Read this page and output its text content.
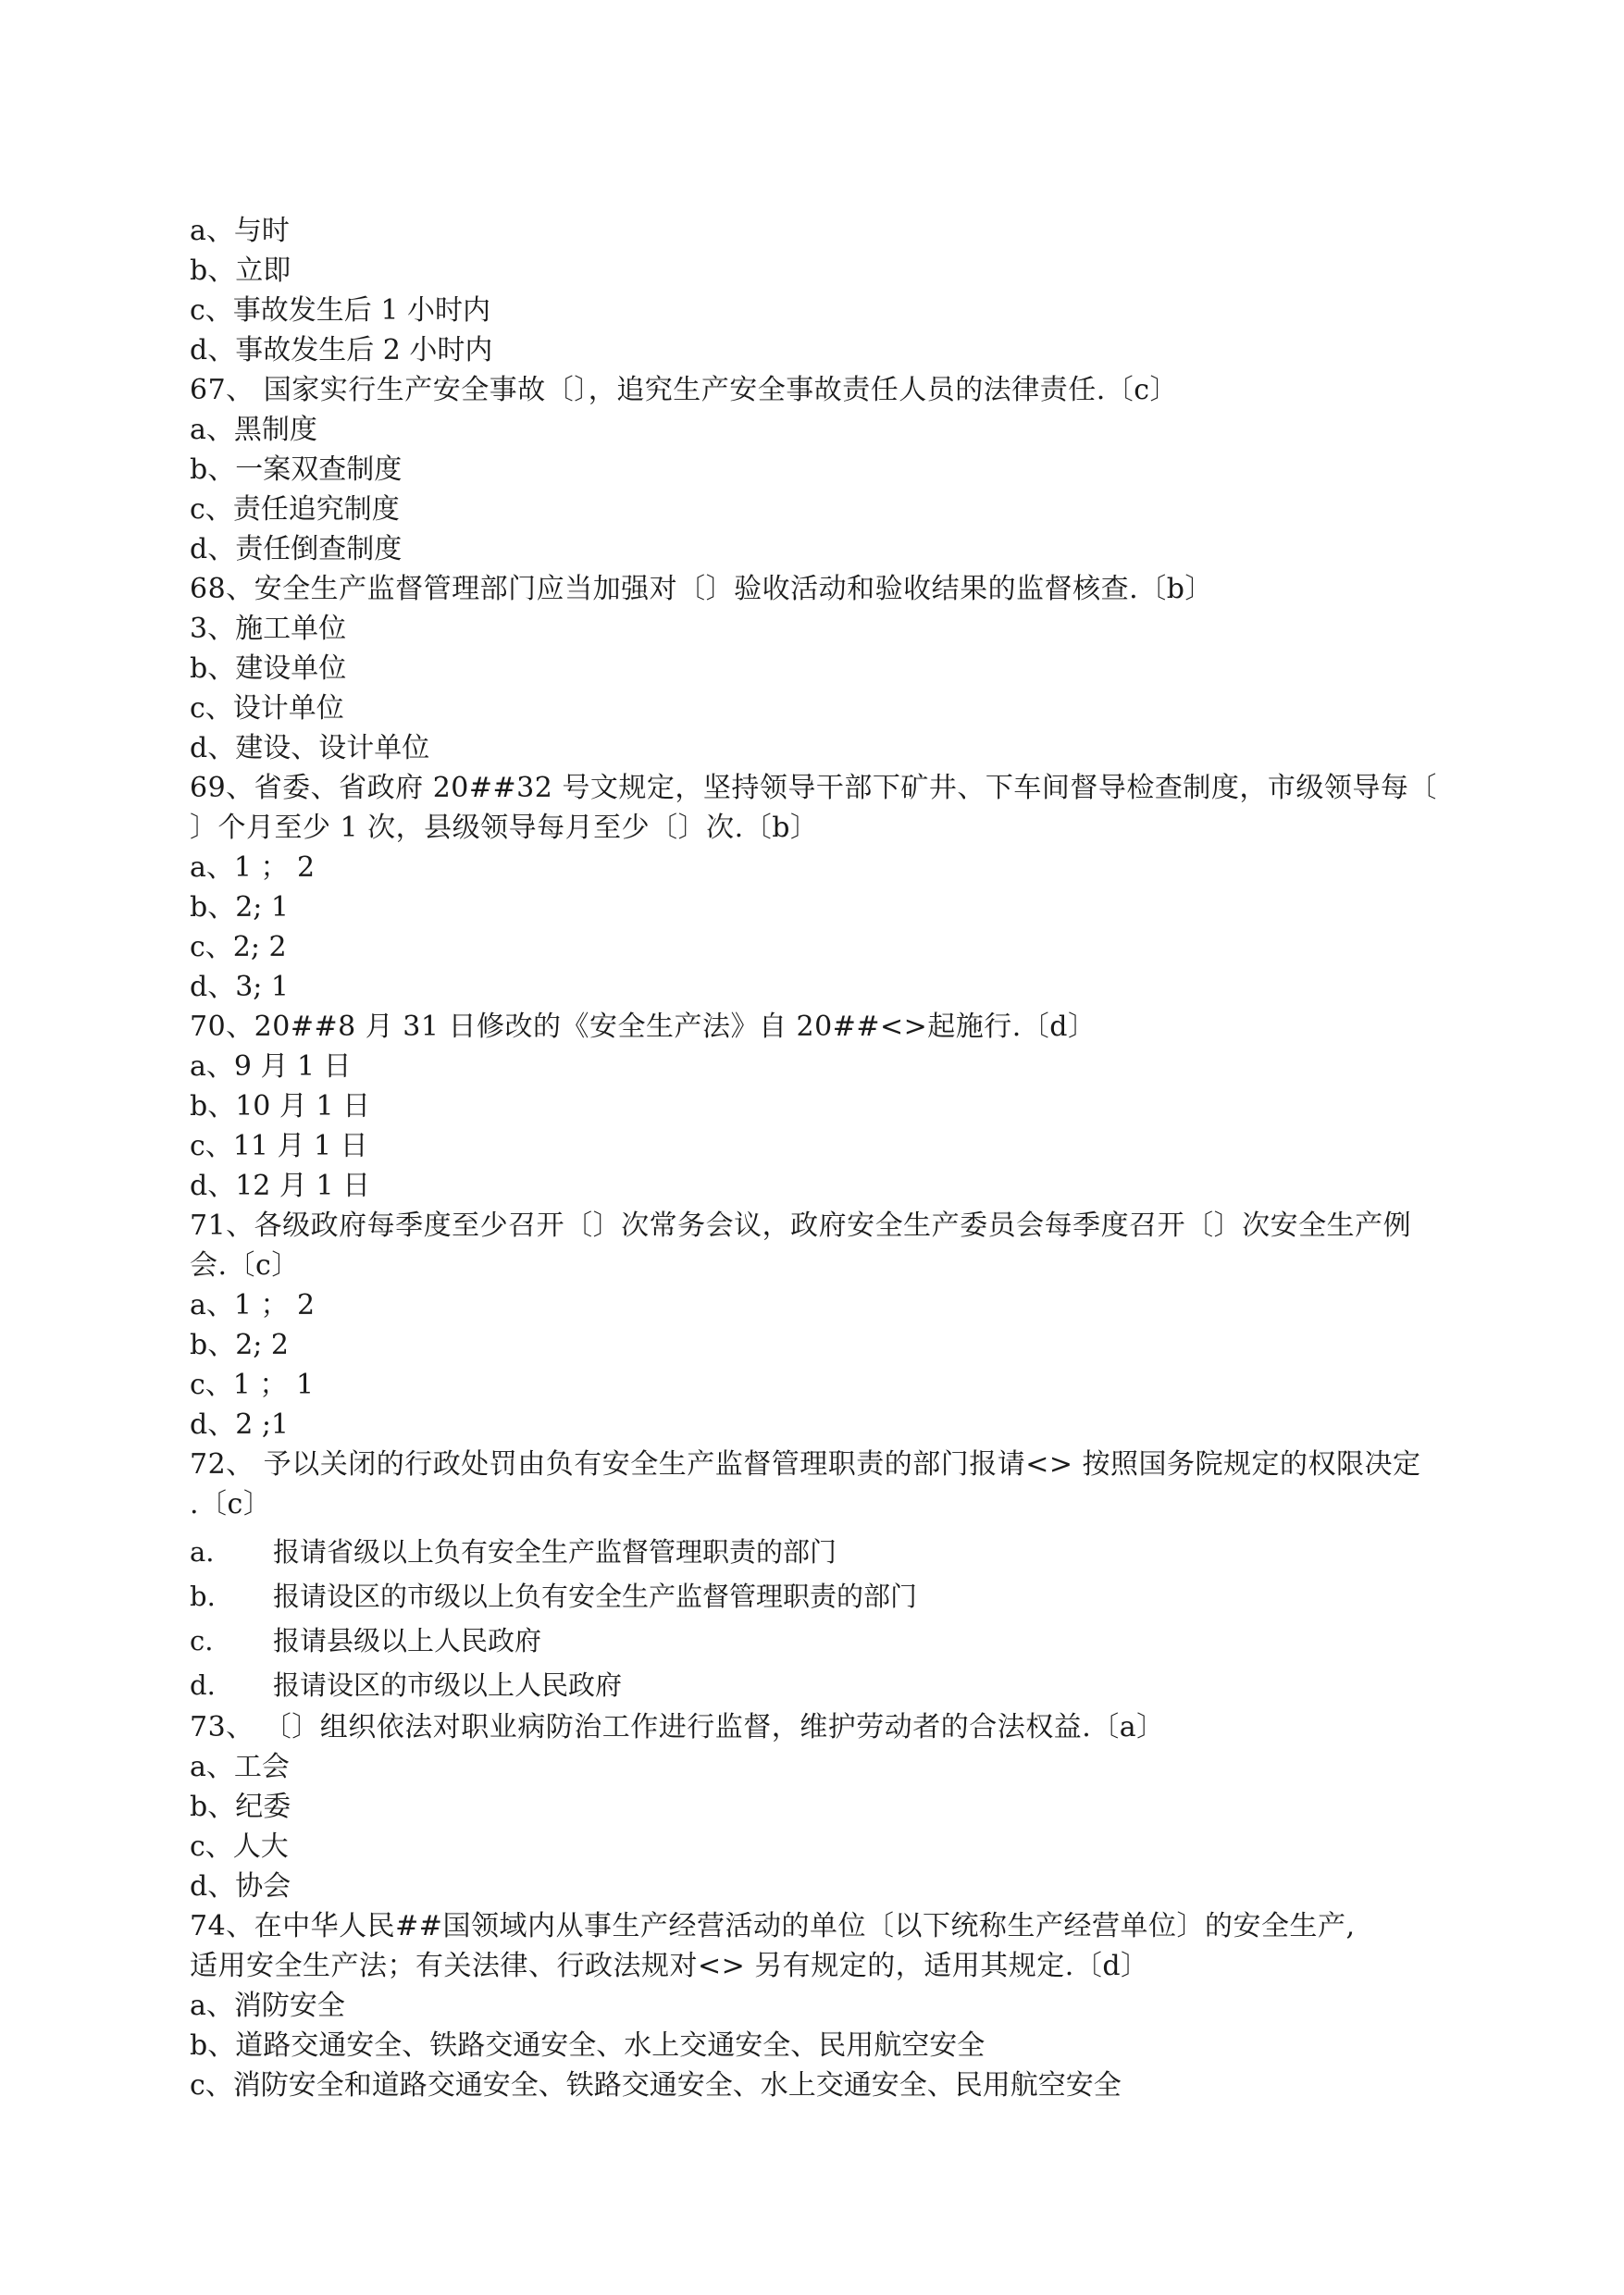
a、与时
b、立即
c、事故发生后 1 小时内
d、事故发生后 2 小时内
67、 国家实行生产安全事故〔〕，追究生产安全事故责任人员的法律责任.〔c〕
a、黑制度
b、一案双查制度
c、责任追究制度
d、责任倒查制度
68、安全生产监督管理部门应当加强对〔〕验收活动和验收结果的监督核查.〔b〕
3、施工单位
b、建设单位
c、设计单位
d、建设、设计单位
69、省委、省政府 20##32 号文规定，坚持领导干部下矿井、下车间督导检查制度，市级领导每〔
〕个月至少 1 次，县级领导每月至少〔〕次.〔b〕
a、1 ； 2
b、2; 1
c、2; 2
d、3; 1
70、20##8 月 31 日修改的《安全生产法》自 20##<>起施行.〔d〕
a、9 月 1 日
b、10 月 1 日
c、11 月 1 日
d、12 月 1 日
71、各级政府每季度至少召开〔〕次常务会议，政府安全生产委员会每季度召开〔〕次安全生产例
会.〔c〕
a、1 ； 2
b、2; 2
c、1 ； 1
d、2 ;1
72、 予以关闭的行政处罚由负有安全生产监督管理职责的部门报请<> 按照国务院规定的权限决定
.〔c〕
a.	报请省级以上负有安全生产监督管理职责的部门
b.	报请设区的市级以上负有安全生产监督管理职责的部门
c.	报请县级以上人民政府
d.	报请设区的市级以上人民政府
73、 〔〕组织依法对职业病防治工作进行监督，维护劳动者的合法权益.〔a〕
a、工会
b、纪委
c、人大
d、协会
74、在中华人民##国领域内从事生产经营活动的单位〔以下统称生产经营单位〕的安全生产,
适用安全生产法；有关法律、行政法规对<> 另有规定的，适用其规定.〔d〕
a、消防安全
b、道路交通安全、铁路交通安全、水上交通安全、民用航空安全
c、消防安全和道路交通安全、铁路交通安全、水上交通安全、民用航空安全
